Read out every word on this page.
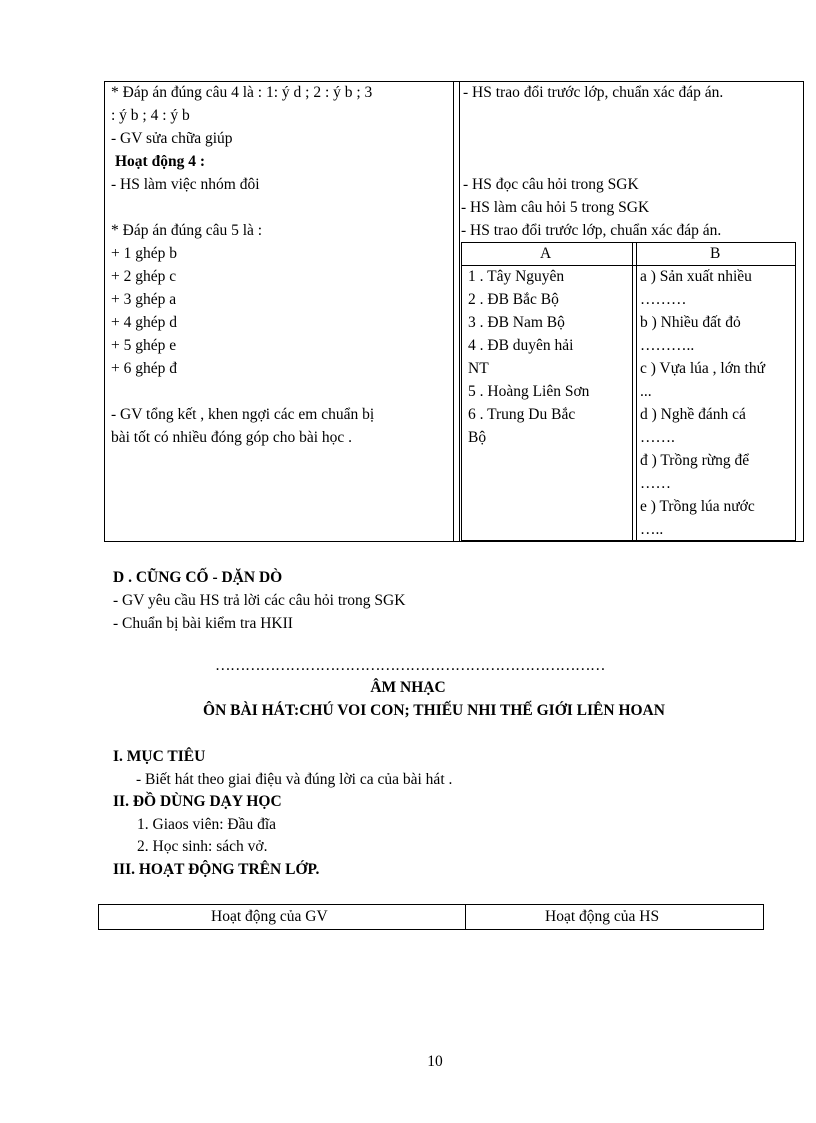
* Đáp án đúng câu 4 là : 1: ý d ; 2 : ý b ; 3
: ý b ; 4 : ý b
- GV sửa chữa giúp
Hoạt động 4 :
- HS làm việc nhóm đôi
* Đáp án đúng câu 5 là :
+ 1 ghép b
+ 2 ghép c
+ 3 ghép a
+ 4 ghép d
+ 5 ghép e
+ 6 ghép đ
- GV tổng kết , khen ngợi các em chuẩn bị
bài tốt có nhiều đóng góp cho bài học .
- HS trao đổi trước lớp, chuẩn xác đáp án.
- HS đọc câu hỏi trong SGK
- HS làm câu hỏi 5 trong SGK
- HS trao đổi trước lớp, chuẩn xác đáp án.
A	B
1 . Tây Nguyên
2 . ĐB Bắc Bộ
3 . ĐB Nam Bộ
4 . ĐB duyên hải
NT
5 . Hoàng Liên Sơn
6 . Trung Du Bắc
Bộ
a ) Sản xuất nhiều
………
b ) Nhiều đất đỏ
………..
c ) Vựa lúa , lớn thứ
...
d ) Nghề đánh cá
…….
đ ) Trồng rừng để
……
e ) Trồng lúa nước
…..
D . CŨNG CỐ - DẶN DÒ
- GV yêu cầu HS trả lời các câu hỏi trong SGK
- Chuẩn bị bài kiểm tra HKII
……………………………………………………………………
ÂM NHẠC
ÔN BÀI HÁT:CHÚ VOI CON; THIẾU NHI THẾ GIỚI LIÊN HOAN
I. MỤC TIÊU
- Biết hát theo giai điệu và đúng lời ca của bài hát .
II. ĐỒ DÙNG DẠY HỌC
1. Giaos viên: Đầu đĩa
2. Học sinh: sách vở.
III. HOẠT ĐỘNG TRÊN LỚP.
Hoạt động của GV	Hoạt động của HS
10
